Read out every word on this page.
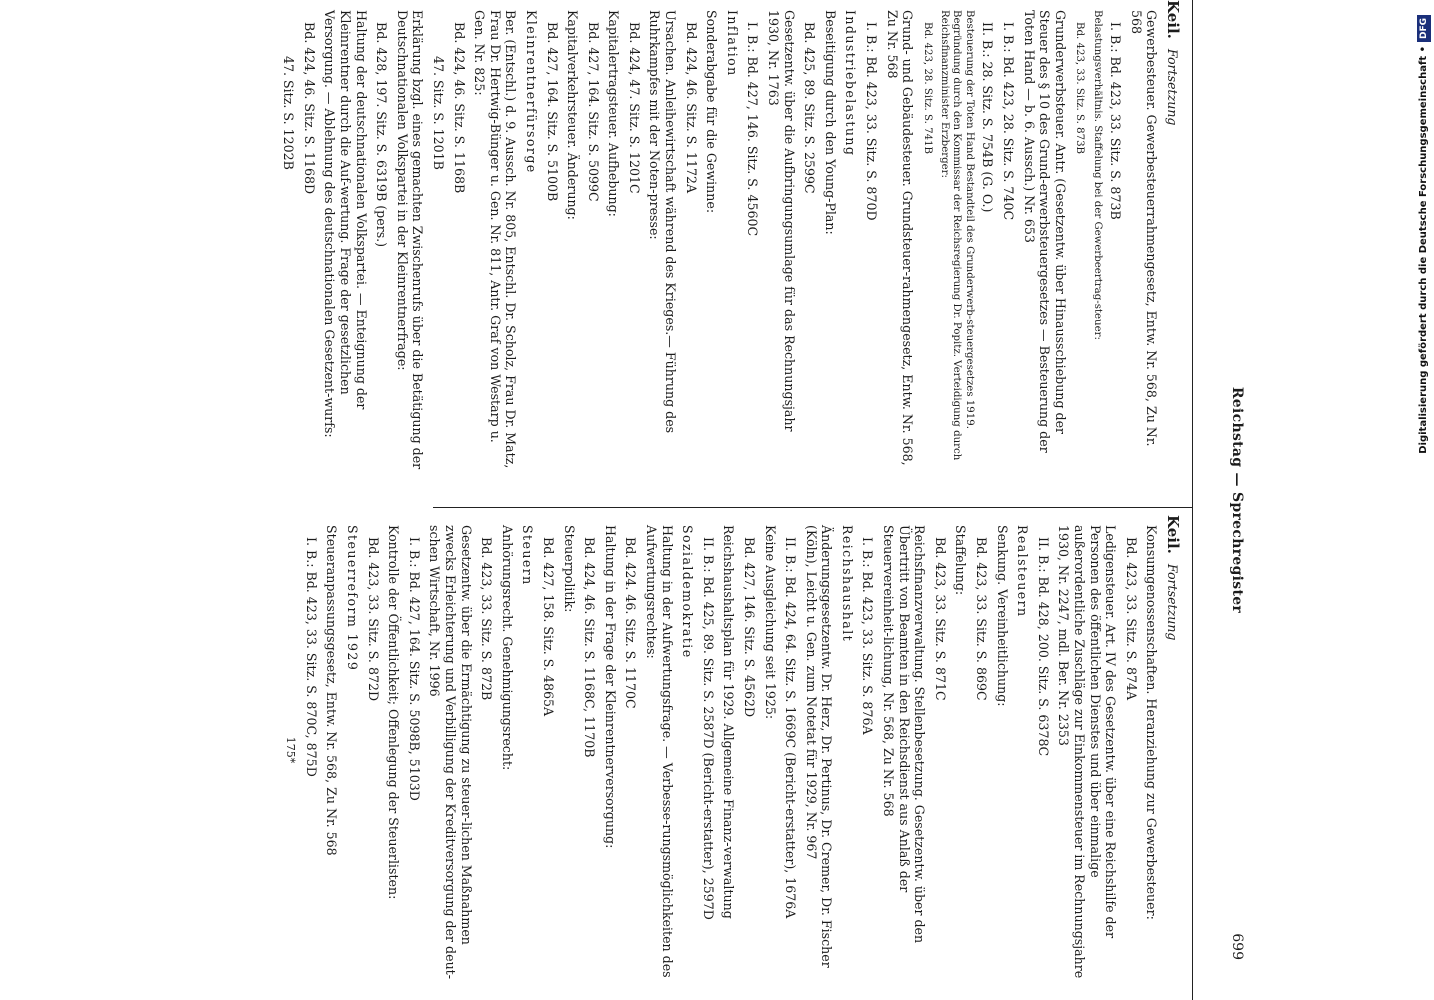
Reichstag — Sprechregister
699
Keil. Fortsetzung
Gewerbesteuer. Gewerbesteuerrahmengesetz, Entw. Nr. 568, Zu Nr. 568
I. B.: Bd. 423, 33. Sitz. S. 873B
Belastungsverhältnis. Staffelung bei der Gewerbeertrag-steuer:
Bd. 423, 33. Sitz. S. 873B
Grunderwerbsteuer. Antr. (Gesetzentw. über Hinausschiebung der Steuer des § 10 des Grund-erwerbsteuergesetzes — Besteuerung der Toten Hand — b. 6. Aussch.) Nr. 653
I. B.: Bd. 423, 28. Sitz. S. 740C
II. B.: 28. Sitz. S. 754B (G. O.)
Besteuerung der Toten Hand Bestandteil des Grunderwerb-steuergesetzes 1919. Begründung durch den Kommissar der Reichsregierung Dr. Popitz. Verteidigung durch Reichsfinanzminister Erzberger:
Bd. 423, 28. Sitz. S. 741B
Grund- und Gebäudesteuer. Grundsteuer-rahmengesetz, Entw. Nr. 568, Zu Nr. 568
I. B.: Bd. 423, 33. Sitz. S. 870D
Industriebelastung
Beseitigung durch den Young-Plan:
Bd. 425, 89. Sitz. S. 2599C
Gesetzentw. über die Aufbringungsumlage für das Rechnungsjahr 1930, Nr. 1763
I. B.: Bd. 427, 146. Sitz. S. 4560C
Inflation
Sonderabgabe für die Gewinne:
Bd. 424, 46. Sitz. S. 1172A
Ursachen. Anleihewirtschaft während des Krieges.— Führung des Ruhrkampfes mit der Noten-presse:
Bd. 424, 47. Sitz. S. 1201C
Kapitalertragsteuer. Aufhebung:
Bd. 427, 164. Sitz. S. 5099C
Kapitalverkehrsteuer. Änderung:
Bd. 427, 164. Sitz. S. 5100B
Kleinrentnerfürsorge
Ber. (Entschl.) d. 9. Aussch. Nr. 805, Entschl. Dr. Scholz, Frau Dr. Matz, Frau Dr. Hertwig-Bünger u. Gen. Nr. 811, Antr. Graf von Westarp u. Gen. Nr. 825:
Bd. 424, 46. Sitz. S. 1168B
47. Sitz. S. 1201B
Erklärung bzgl. eines gemachten Zwischenrufs über die Betätigung der Deutschnationalen Volkspartei in der Kleinrentnerfrage:
Bd. 428, 197. Sitz. S. 6319B (pers.)
Haltung der deutschnationalen Volkspartei. — Enteignung der Kleinrentner durch die Auf-wertung. Frage der gesetzlichen Versorgung. — Ablehnung des deutschnationalen Gesetzent-wurfs:
Bd. 424, 46. Sitz. S. 1168D
47. Sitz. S. 1202B
Keil. Fortsetzung
Konsumgenossenschaften. Heranziehung zur Gewerbesteuer:
Bd. 423, 33. Sitz. S. 874A
Ledigensteuer. Art. IV des Gesetzentw. über eine Reichshilfe der Personen des öffentlichen Dienstes und über einmalige außerordentliche Zuschläge zur Einkommensteuer im Rechnungsjahre 1930, Nr. 2247, mdl. Ber. Nr. 2353
II. B.: Bd. 428, 200. Sitz. S. 6378C
Realsteuern
Senkung. Vereinheitlichung:
Bd. 423, 33. Sitz. S. 869C
Staffelung:
Bd. 423, 33. Sitz. S. 871C
Reichsfinanzverwaltung. Stellenbesetzung. Gesetzentw. über den Übertritt von Beamten in den Reichsdienst aus Anlaß der Steuervereinheit-lichung, Nr. 568, Zu Nr. 568
I. B.: Bd. 423, 33. Sitz. S. 876A
Reichshaushalt
Änderungsgesetzentw. Dr. Herz, Dr. Pertinus, Dr. Cremer, Dr. Fischer (Köln), Leicht u. Gen. zum Notetat für 1929, Nr. 967
II. B.: Bd. 424, 64. Sitz. S. 1669C (Bericht-erstatter), 1676A
Keine Ausgleichung seit 1925:
Bd. 427, 146. Sitz. S. 4562D
Reichshaushaltsplan für 1929. Allgemeine Finanz-verwaltung
II. B.: Bd. 425, 89. Sitz. S. 2587D (Bericht-erstatter), 2597D
Sozialdemokratie
Haltung in der Aufwertungsfrage. — Verbesse-rungsmöglichkeiten des Aufwertungsrechtes:
Bd. 424. 46. Sitz. S. 1170C
Haltung in der Frage der Kleinrentnerversorgung:
Bd. 424, 46. Sitz. S. 1168C, 1170B
Steuerpolitik:
Bd. 427, 158. Sitz. S. 4865A
Steuern
Anhörungsrecht. Genehmigungsrecht:
Bd. 423, 33. Sitz. S. 872B
Gesetzentw. über die Ermächtigung zu steuer-lichen Maßnahmen zwecks Erleichterung und Verbilligung der Kreditversorgung der deut-schen Wirtschaft, Nr. 1996
I. B.: Bd. 427, 164. Sitz. S. 5098B, 5103D
Kontrolle der Öffentlichkeit; Offenlegung der Steuerlisten:
Bd. 423, 33. Sitz. S. 872D
Steuerreform 1929
Steueranpassungsgesetz, Entw. Nr. 568, Zu Nr. 568
I. B.: Bd. 423, 33. Sitz. S. 870C, 875D
175*
Digitalisierung gefördert durch die Deutsche Forschungsgemeinschaft •DFG
